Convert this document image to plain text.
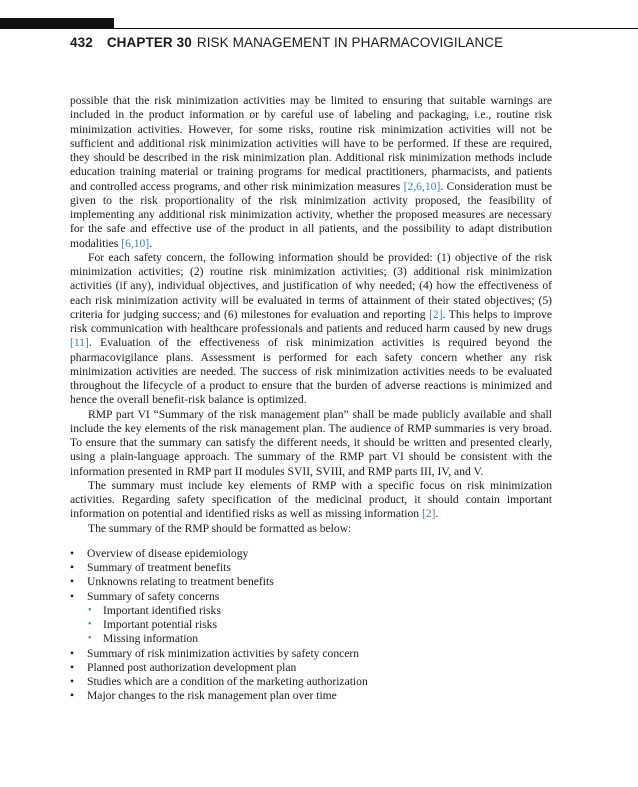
432 CHAPTER 30 RISK MANAGEMENT IN PHARMACOVIGILANCE

possible that the risk minimization activities may be limited to ensuring that suitable warnings are included in the product information or by careful use of labeling and packaging, i.e., routine risk minimization activities. However, for some risks, routine risk minimization activities will not be sufficient and additional risk minimization activities will have to be performed. If these are required, they should be described in the risk minimization plan. Additional risk minimization methods include education training material or training programs for medical practitioners, pharmacists, and patients and controlled access programs, and other risk minimization measures [2,6,10]. Consideration must be given to the risk proportionality of the risk minimization activity proposed, the feasibility of implementing any additional risk minimization activity, whether the proposed measures are necessary for the safe and effective use of the product in all patients, and the possibility to adapt distribution modalities [6,10].

For each safety concern, the following information should be provided: (1) objective of the risk minimization activities; (2) routine risk minimization activities; (3) additional risk minimization activities (if any), individual objectives, and justification of why needed; (4) how the effectiveness of each risk minimization activity will be evaluated in terms of attainment of their stated objectives; (5) criteria for judging success; and (6) milestones for evaluation and reporting [2]. This helps to improve risk communication with healthcare professionals and patients and reduced harm caused by new drugs [11]. Evaluation of the effectiveness of risk minimization activities is required beyond the pharmacovigilance plans. Assessment is performed for each safety concern whether any risk minimization activities are needed. The success of risk minimization activities needs to be evaluated throughout the lifecycle of a product to ensure that the burden of adverse reactions is minimized and hence the overall benefit-risk balance is optimized.

RMP part VI “Summary of the risk management plan” shall be made publicly available and shall include the key elements of the risk management plan. The audience of RMP summaries is very broad. To ensure that the summary can satisfy the different needs, it should be written and presented clearly, using a plain-language approach. The summary of the RMP part VI should be consistent with the information presented in RMP part II modules SVII, SVIII, and RMP parts III, IV, and V.

The summary must include key elements of RMP with a specific focus on risk minimization activities. Regarding safety specification of the medicinal product, it should contain important information on potential and identified risks as well as missing information [2].

The summary of the RMP should be formatted as below:

• Overview of disease epidemiology
• Summary of treatment benefits
• Unknowns relating to treatment benefits
• Summary of safety concerns
• Important identified risks
• Important potential risks
• Missing information
• Summary of risk minimization activities by safety concern
• Planned post authorization development plan
• Studies which are a condition of the marketing authorization
• Major changes to the risk management plan over time
